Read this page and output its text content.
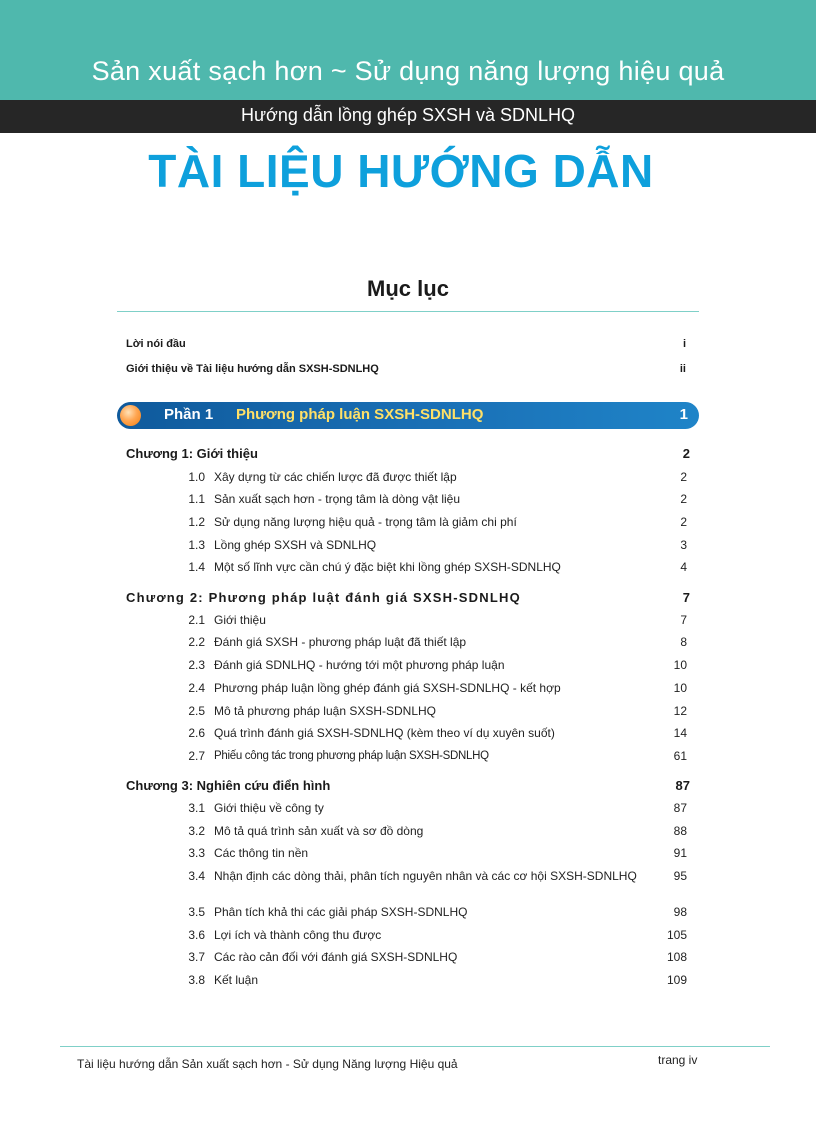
Sản xuất sạch hơn ~ Sử dụng năng lượng hiệu quả
Hướng dẫn lồng ghép SXSH và SDNLHQ
TÀI LIỆU HƯỚNG DẪN
Mục lục
Lời nói đầu	i
Giới thiệu về Tài liệu hướng dẫn SXSH-SDNLHQ	ii
Phần 1 Phương pháp luận SXSH-SDNLHQ	1
Chương 1: Giới thiệu	2
1.0 Xây dựng từ các chiến lược đã được thiết lập	2
1.1 Sản xuất sạch hơn - trọng tâm là dòng vật liệu	2
1.2 Sử dụng năng lượng hiệu quả - trọng tâm là giảm chi phí	2
1.3 Lồng ghép SXSH và SDNLHQ	3
1.4 Một số lĩnh vực cần chú ý đặc biệt khi lồng ghép SXSH-SDNLHQ	4
Chương 2: Phương pháp luật đánh giá SXSH-SDNLHQ	7
2.1 Giới thiệu	7
2.2 Đánh giá SXSH - phương pháp luật đã thiết lập	8
2.3 Đánh giá SDNLHQ - hướng tới một phương pháp luận	10
2.4 Phương pháp luận lồng ghép đánh giá SXSH-SDNLHQ - kết hợp	10
2.5 Mô tả phương pháp luận SXSH-SDNLHQ	12
2.6 Quá trình đánh giá SXSH-SDNLHQ (kèm theo ví dụ xuyên suốt)	14
2.7 Phiếu công tác trong phương pháp luận SXSH-SDNLHQ	61
Chương 3: Nghiên cứu điển hình	87
3.1 Giới thiệu về công ty	87
3.2 Mô tả quá trình sản xuất và sơ đồ dòng	88
3.3 Các thông tin nền	91
3.4 Nhận định các dòng thải, phân tích nguyên nhân và các cơ hội SXSH-SDNLHQ	95
3.5 Phân tích khả thi các giải pháp SXSH-SDNLHQ	98
3.6 Lợi ích và thành công thu được	105
3.7 Các rào cản đối với đánh giá SXSH-SDNLHQ	108
3.8 Kết luận	109
Tài liệu hướng dẫn Sản xuất sạch hơn - Sử dụng Năng lượng Hiệu quả	trang iv
